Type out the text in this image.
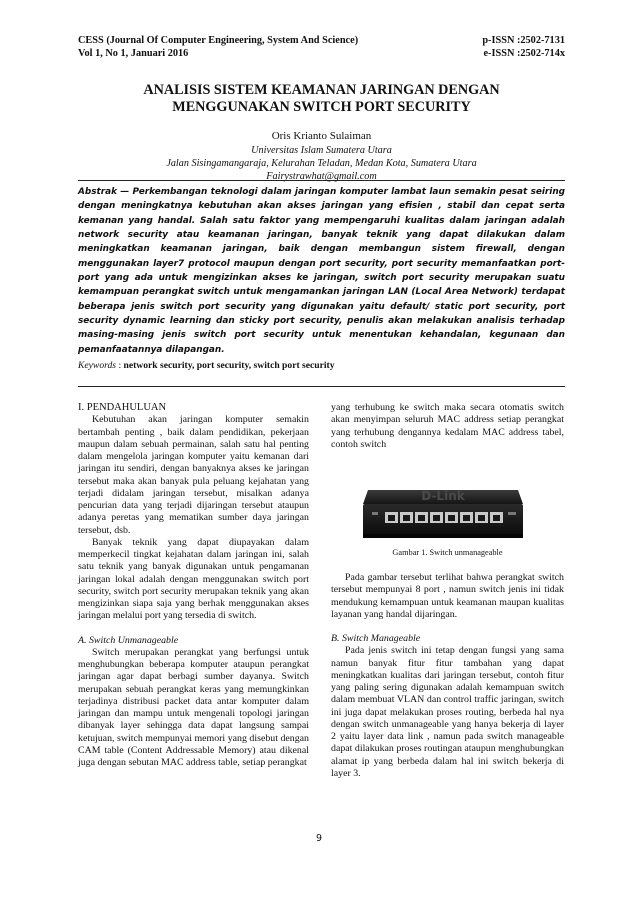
CESS (Journal Of Computer Engineering, System And Science)	p-ISSN :2502-7131
Vol 1, No 1, Januari 2016	e-ISSN :2502-714x
ANALISIS SISTEM KEAMANAN JARINGAN DENGAN
MENGGUNAKAN SWITCH PORT SECURITY
Oris Krianto Sulaiman
Universitas Islam Sumatera Utara
Jalan Sisingamangaraja, Kelurahan Teladan, Medan Kota, Sumatera Utara
Fairystrawhat@gmail.com

Abstrak — Perkembangan teknologi dalam jaringan komputer lambat laun semakin pesat seiring dengan meningkatnya kebutuhan akan akses jaringan yang efisien , stabil dan cepat serta kemanan yang handal. Salah satu faktor yang mempengaruhi kualitas dalam jaringan adalah network security atau keamanan jaringan, banyak teknik yang dapat dilakukan dalam meningkatkan keamanan jaringan, baik dengan membangun sistem firewall, dengan menggunakan layer7 protocol maupun dengan port security, port security memanfaatkan port-port yang ada untuk mengizinkan akses ke jaringan, switch port security merupakan suatu kemampuan perangkat switch untuk mengamankan jaringan LAN (Local Area Network) terdapat beberapa jenis switch port security yang digunakan yaitu default/ static port security, port security dynamic learning dan sticky port security, penulis akan melakukan analisis terhadap masing-masing jenis switch port security untuk menentukan kehandalan, kegunaan dan pemanfaatannya dilapangan.

Keywords : network security, port security, switch port security

I. PENDAHULUAN

Kebutuhan akan jaringan komputer semakin bertambah penting , baik dalam pendidikan, pekerjaan maupun dalam sebuah permainan, salah satu hal penting dalam mengelola jaringan komputer yaitu kemanan dari jaringan itu sendiri, dengan banyaknya akses ke jaringan tersebut maka akan banyak pula peluang kejahatan yang terjadi didalam jaringan tersebut, misalkan adanya pencurian data yang terjadi dijaringan tersebut ataupun adanya peretas yang mematikan sumber daya jaringan tersebut, dsb.

Banyak teknik yang dapat diupayakan dalam memperkecil tingkat kejahatan dalam jaringan ini, salah satu teknik yang banyak digunakan untuk pengamanan jaringan lokal adalah dengan menggunakan switch port security, switch port security merupakan teknik yang akan mengizinkan siapa saja yang berhak menggunakan akses jaringan melalui port yang tersedia di switch.

A. Switch Unmanageable

Switch merupakan perangkat yang berfungsi untuk menghubungkan beberapa komputer ataupun perangkat jaringan agar dapat berbagi sumber dayanya. Switch merupakan sebuah perangkat keras yang memungkinkan terjadinya distribusi packet data antar komputer dalam jaringan dan mampu untuk mengenali topologi jaringan dibanyak layer sehingga data dapat langsung sampai ketujuan, switch mempunyai memori yang disebut dengan CAM table (Content Addressable Memory) atau dikenal juga dengan sebutan MAC address table, setiap perangkat

yang terhubung ke switch maka secara otomatis switch akan menyimpan seluruh MAC address setiap perangkat yang terhubung dengannya kedalam MAC address tabel, contoh switch

D-Link
Gambar 1. Switch unmanageable

Pada gambar tersebut terlihat bahwa perangkat switch tersebut mempunyai 8 port , namun switch jenis ini tidak mendukung kemampuan untuk keamanan maupan kualitas layanan yang handal dijaringan.

B. Switch Manageable

Pada jenis switch ini tetap dengan fungsi yang sama namun banyak fitur fitur tambahan yang dapat meningkatkan kualitas dari jaringan tersebut, contoh fitur yang paling sering digunakan adalah kemampuan switch dalam membuat VLAN dan control traffic jaringan, switch ini juga dapat melakukan proses routing, berbeda hal nya dengan switch unmanageable yang hanya bekerja di layer 2 yaitu layer data link , namun pada switch manageable dapat dilakukan proses routingan ataupun menghubungkan alamat ip yang berbeda dalam hal ini switch bekerja di layer 3.

9
